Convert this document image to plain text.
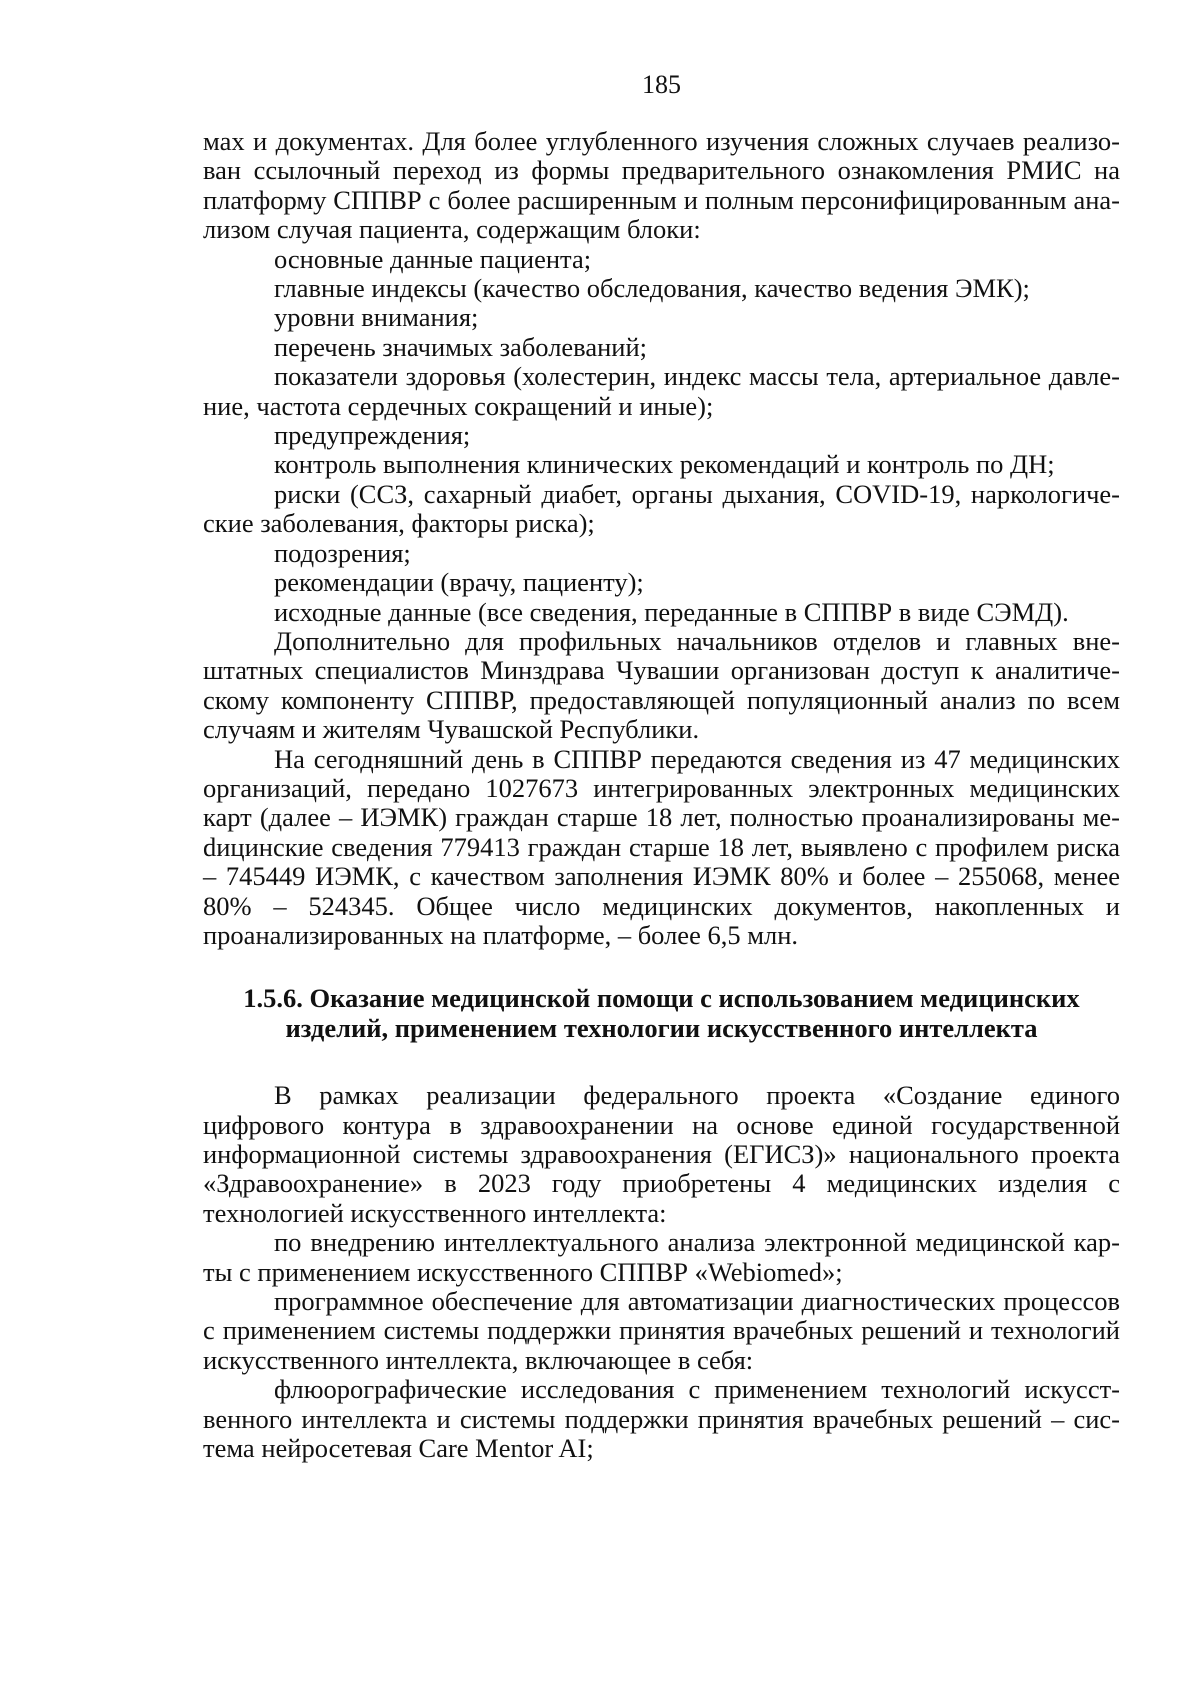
185

мах и документах. Для более углубленного изучения сложных случаев реализован ссылочный переход из формы предварительного ознакомления РМИС на платформу СППВР с более расширенным и полным персонифицированным анализом случая пациента, содержащим блоки:

основные данные пациента;

главные индексы (качество обследования, качество ведения ЭМК);

уровни внимания;

перечень значимых заболеваний;

показатели здоровья (холестерин, индекс массы тела, артериальное давление, частота сердечных сокращений и иные);

предупреждения;

контроль выполнения клинических рекомендаций и контроль по ДН;

риски (ССЗ, сахарный диабет, органы дыхания, COVID-19, наркологические заболевания, факторы риска);

подозрения;

рекомендации (врачу, пациенту);

исходные данные (все сведения, переданные в СППВР в виде СЭМД).

Дополнительно для профильных начальников отделов и главных внештатных специалистов Минздрава Чувашии организован доступ к аналитическому компоненту СППВР, предоставляющей популяционный анализ по всем случаям и жителям Чувашской Республики.

На сегодняшний день в СППВР передаются сведения из 47 медицинских организаций, передано 1027673 интегрированных электронных медицинских карт (далее – ИЭМК) граждан старше 18 лет, полностью проанализированы меdицинские сведения 779413 граждан старше 18 лет, выявлено с профилем риска – 745449 ИЭМК, с качеством заполнения ИЭМК 80% и более – 255068, менее 80% – 524345. Общее число медицинских документов, накопленных и проанализированных на платформе, – более 6,5 млн.

1.5.6. Оказание медицинской помощи с использованием медицинских
изделий, применением технологии искусственного интеллекта

В рамках реализации федерального проекта «Создание единого цифрового контура в здравоохранении на основе единой государственной информационной системы здравоохранения (ЕГИСЗ)» национального проекта «Здравоохранение» в 2023 году приобретены 4 медицинских изделия с технологией искусственного интеллекта:

по внедрению интеллектуального анализа электронной медицинской карты с применением искусственного СППВР «Webiomed»;

программное обеспечение для автоматизации диагностических процессов с применением системы поддержки принятия врачебных решений и технологий искусственного интеллекта, включающее в себя:

флюорографические исследования с применением технологий искусственного интеллекта и системы поддержки принятия врачебных решений – система нейросетевая Care Mentor AI;
